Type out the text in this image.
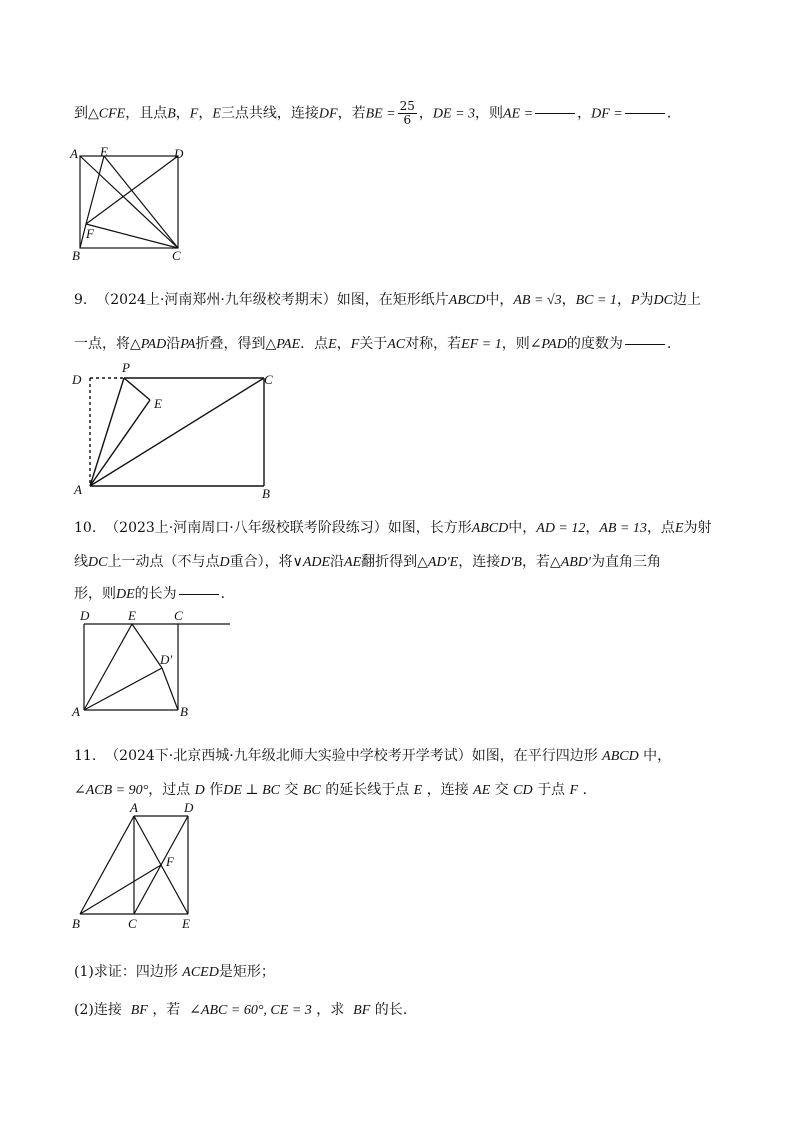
到△CFE，且点B，F，E三点共线，连接DF，若BE = $\frac{25}{6}$ ，DE = 3，则AE =	，DF =	.
A E	D
F
B	C
9. （2024上·河南郑州·九年级校考期末）如图，在矩形纸片ABCD中，AB = √3，BC = 1，P为DC边上
一点，将△PAD沿PA折叠，得到△PAE．点E，F关于AC对称，若EF = 1，则∠PAD的度数为	.
D
P
C
E
A	B
10. （2023上·河南周口·八年级校联考阶段练习）如图，长方形ABCD中，AD = 12，AB = 13，点E为射
线DC上一动点（不与点D重合），将∨ADE沿AE翻折得到△AD′E，连接D′B，若△ABD′为直角三角
形，则DE的长为	.
D	E	C
D′
A	B
11. （2024下·北京西城·九年级北师大实验中学校考开学考试）如图，在平行四边形 ABCD 中，
∠ACB = 90°，过点 D 作DE ⊥ BC 交 BC 的延长线于点 E ，连接 AE 交 CD 于点 F .
A	D
F
B	C	E
(1)求证：四边形 ACED是矩形；
(2)连接 BF ，若 ∠ABC = 60°, CE = 3 ，求 BF 的长.
